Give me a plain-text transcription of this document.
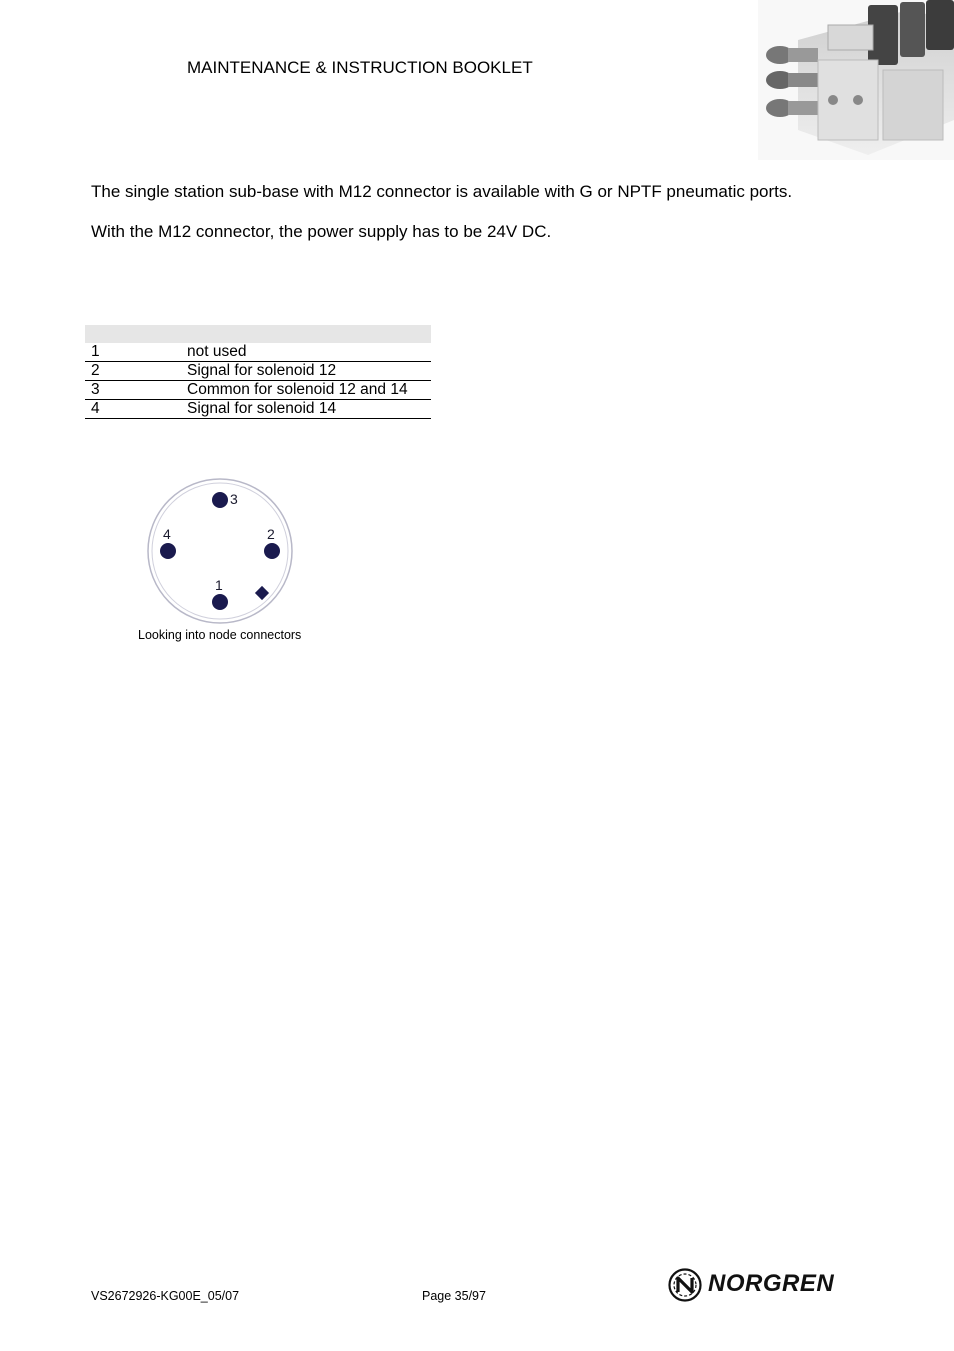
MAINTENANCE & INSTRUCTION BOOKLET
The single station sub-base with M12 connector is available with G or NPTF pneumatic ports.
With the M12 connector, the power supply has to be 24V DC.

1	not used
2	Signal for solenoid 12
3	Common for solenoid 12 and 14
4	Signal for solenoid 14
3
4	2
1
Looking into node connectors
VS2672926-KG00E_05/07	Page 35/97	NORGREN
